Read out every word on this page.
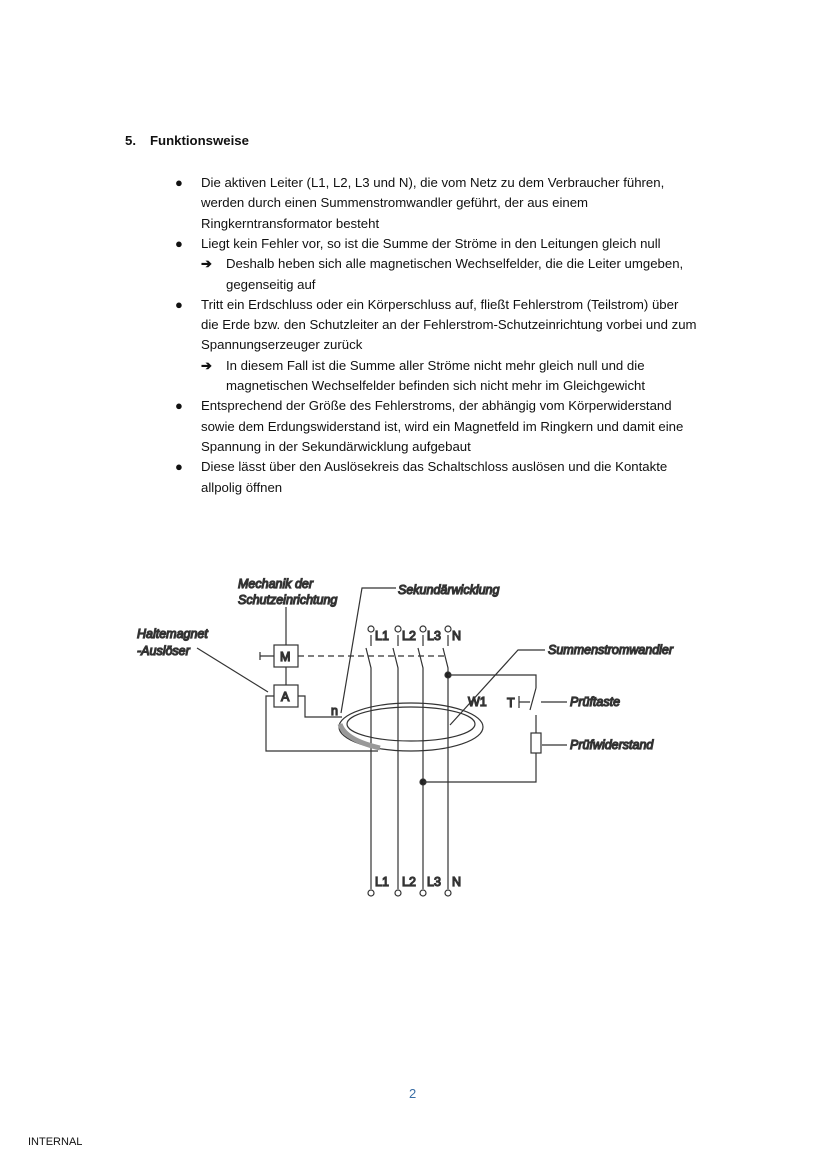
5. Funktionsweise
Mechanik der
Schutzeinrichtung
Haltemagnet
-Auslöser
Sekundärwicklung
Summenstromwandler
Prüftaste
Prüfwiderstand
M
A
n
L1 L2 L3 N
L1 L2 L3 N
W1 T
2
INTERNAL
● Die aktiven Leiter (L1, L2, L3 und N), die vom Netz zu dem Verbraucher führen,
werden durch einen Summenstromwandler geführt, der aus einem
Ringkerntransformator besteht
● Liegt kein Fehler vor, so ist die Summe der Ströme in den Leitungen gleich null
➔ Deshalb heben sich alle magnetischen Wechselfelder, die die Leiter umgeben,
gegenseitig auf
● Tritt ein Erdschluss oder ein Körperschluss auf, fließt Fehlerstrom (Teilstrom) über
die Erde bzw. den Schutzleiter an der Fehlerstrom-Schutzeinrichtung vorbei und zum
Spannungserzeuger zurück
➔ In diesem Fall ist die Summe aller Ströme nicht mehr gleich null und die
magnetischen Wechselfelder befinden sich nicht mehr im Gleichgewicht
● Entsprechend der Größe des Fehlerstroms, der abhängig vom Körperwiderstand
sowie dem Erdungswiderstand ist, wird ein Magnetfeld im Ringkern und damit eine
Spannung in der Sekundärwicklung aufgebaut
● Diese lässt über den Auslösekreis das Schaltschloss auslösen und die Kontakte
allpolig öffnen
